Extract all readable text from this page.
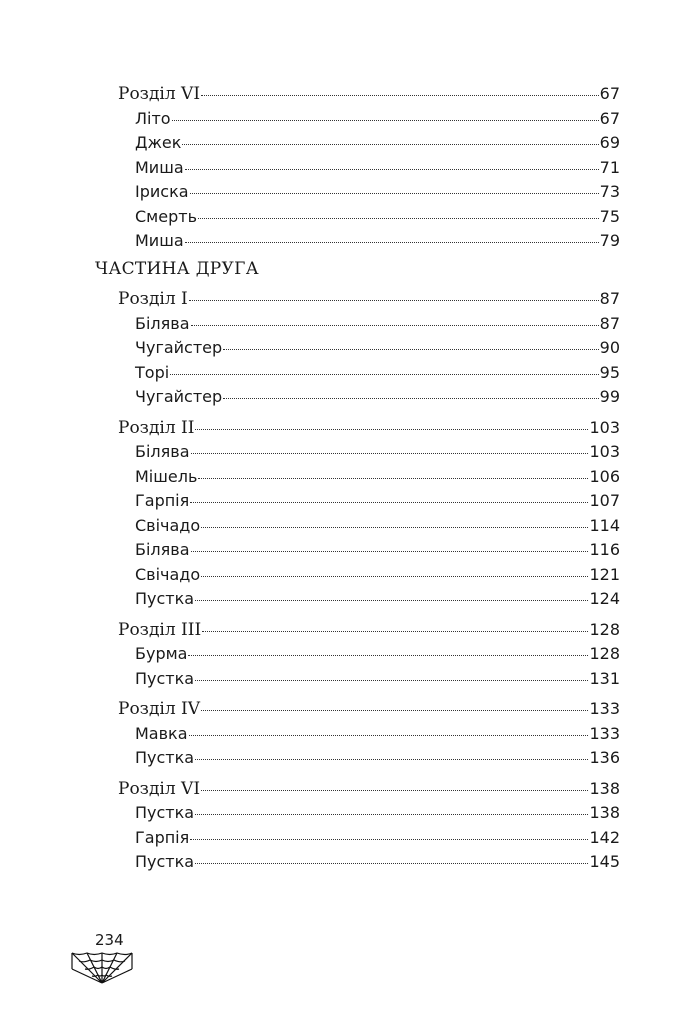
Розділ VI	67
Літо	67
Джек	69
Миша	71
Іриска	73
Смерть	75
Миша	79
ЧАСТИНА ДРУГА
Розділ І	87
Білява	87
Чугайстер	90
Торі	95
Чугайстер	99
Розділ ІІ	103
Білява	103
Мішель	106
Гарпія	107
Свічадо	114
Білява	116
Свічадо	121
Пустка	124
Розділ ІІІ	128
Бурма	128
Пустка	131
Розділ IV	133
Мавка	133
Пустка	136
Розділ VI	138
Пустка	138
Гарпія	142
Пустка	145
234
